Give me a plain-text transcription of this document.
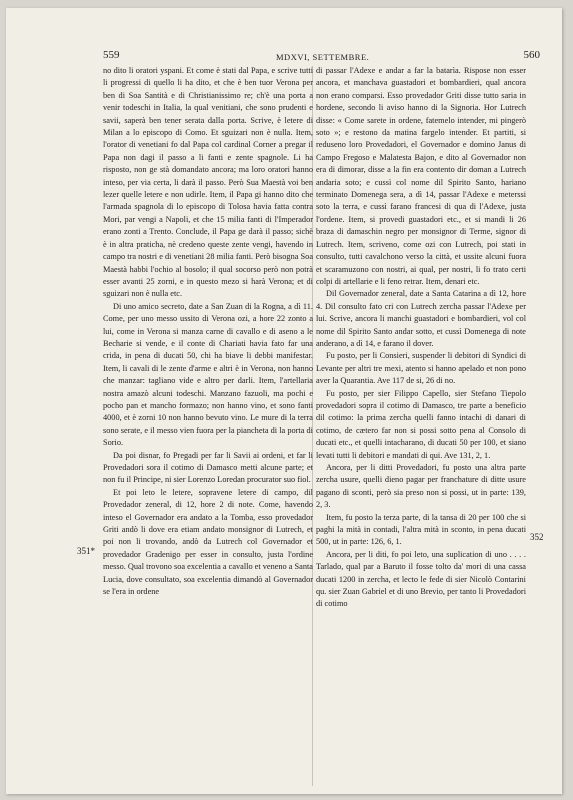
559	MDXVI, SETTEMBRE.	560
351*
352

no dito li oratori yspani. Et come è stati dal Papa, e scrive tutti li progressi di quello li ha dito, et che è ben tuor Verona per ben di Soa Santità e di Christianissimo re; ch'è una porta a venir todeschi in Italia, la qual venitiani, che sono prudenti e savii, saperà ben tener serata dalla porta. Scrive, è letere di Milan a lo episcopo di Como. Et sguizari non è nulla. Item, l'orator di venetiani fo dal Papa col cardinal Corner a pregar il Papa non dagi il passo a li fanti e zente spagnole. Li ha risposto, non ge stà domandato ancora; ma loro oratori hanno inteso, per via certa, li darà il passo. Però Sua Maestà voi ben lezer quelle letere e non udirle. Item, il Papa gi hanno dito che l'armada spagnola di lo episcopo di Tolosa havia fatta contra Mori, par vengi a Napoli, et che 15 milia fanti di l'Imperador erano zonti a Trento. Conclude, il Papa ge darà il passo; sichè è in altra praticha, nè credeno queste zente vengi, havendo in campo tra nostri e di venetiani 28 milia fanti. Però bisogna Soa Maestà habbi l'ochio al bosolo; il qual socorso però non potrà esser avanti 25 zorni, e in questo mezo si harà Verona; et di sguizari non è nulla etc.

Di uno amico secreto, date a San Zuan di la Rogna, a dì 11. Come, per uno messo ussito di Verona ozi, a hore 22 zonto a lui, come in Verona si manza carne di cavallo e di aseno a le Becharie si vende, e il conte di Chariati havia fato far una crida, in pena di ducati 50, chi ha biave li debbi manifestar. Item, li cavali di le zente d'arme e altri è in Verona, non hanno che manzar: tagliano vide e altro per darli. Item, l'artellaria nostra amazò alcuni todeschi. Manzano fazuoli, ma pochi e pocho pan et mancho formazo; non hanno vino, et sono fanti 4000, et è zorni 10 non hanno bevuto vino. Le mure di la terra sono serate, e il messo vien fuora per la piancheta di la porta di Sorio.

Da poi disnar, fo Pregadi per far li Savii ai ordeni, et far li Provedadori sora il cotimo di Damasco metti alcune parte; et non fu il Principe, ni sier Lorenzo Loredan procurator suo fiol.

Et poi leto le letere, sopravene letere di campo, dil Provedador zeneral, di 12, hore 2 di note. Come, havendo inteso el Governador era andato a la Tomba, esso provedador Griti andò li dove era etiam andato monsignor di Lutrech, et poi non li trovando, andò da Lutrech col Governador et provedador Gradenigo per esser in consulto, justa l'ordine messo. Qual trovono soa excelentia a cavallo et veneno a Santa Lucia, dove consultato, soa excelentia dimandò al Governador se l'era in ordene

di passar l'Adexe e andar a far la batarìa. Rispose non esser ancora, et manchava guastadori et bombardieri, qual ancora non erano comparsi. Esso provedador Griti disse tutto saria in hordene, secondo li aviso hanno di la Signoria. Hor Lutrech disse: « Come sarete in ordene, fatemelo intender, mi pingerò soto »; e restono da matina fargelo intender. Et partiti, si reduseno loro Provedadori, el Governador e domino Janus di Campo Fregoso e Malatesta Bajon, e dito al Governador non era di dimorar, disse a la fin era contento dir doman a Lutrech andaria soto; e cussì col nome dil Spirito Santo, hariano terminato Domenega sera, a dì 14, passar l'Adexe e meterssi soto la terra, e cussì farano francesi di qua di l'Adexe, justa l'ordene. Item, si provedi guastadori etc., et si mandi li 26 braza di damaschin negro per monsignor di Terme, signor di Lutrech. Item, scriveno, come ozi con Lutrech, poi stati in consulto, tutti cavalchono verso la città, et ussite alcuni fuora et scaramuzono con nostri, ai qual, per nostri, li fo trato certi colpi di artellarie e li feno retrar. Item, denari etc.

Dil Governador zeneral, date a Santa Catarina a dì 12, hore 4. Dil consulto fato cri con Lutrech zercha passar l'Adexe per lui. Scrive, ancora li manchi guastadori e bombardieri, vol col nome dil Spirito Santo andar sotto, et cussì Domenega di note anderano, a dì 14, e farano il dover.

Fu posto, per li Consieri, suspender li debitori di Syndici di Levante per altri tre mexi, atento si hanno apelado et non pono aver la Quarantia. Ave 117 de si, 26 di no.

Fu posto, per sier Filippo Capello, sier Stefano Tiepolo provedadori sopra il cotimo di Damasco, tre parte a beneficio dil cotimo: la prima zercha quelli fanno intachi di danari di cotimo, de cætero far non si possi sotto pena al Consolo di ducati etc., et quelli intacharano, di ducati 50 per 100, et siano levati tutti li debitori e mandati di qui. Ave 131, 2, 1.

Ancora, per li ditti Provedadori, fu posto una altra parte zercha usure, quelli dieno pagar per franchature di ditte usure pagano di sconti, però sia preso non si possi, ut in parte: 139, 2, 3.

Item, fu posto la terza parte, di la tansa di 20 per 100 che si paghi la mità in contadi, l'altra mità in sconto, in pena ducati 500, ut in parte: 126, 6, 1.

Ancora, per li diti, fo poi leto, una suplication di uno . . . . Tarlado, qual par a Baruto il fosse tolto da' mori di una cassa ducati 1200 in zercha, et lecto le fede di sier Nicolò Contarini qu. sier Zuan Gabriel et di uno Brevio, per tanto li Provedadori di cotimo
